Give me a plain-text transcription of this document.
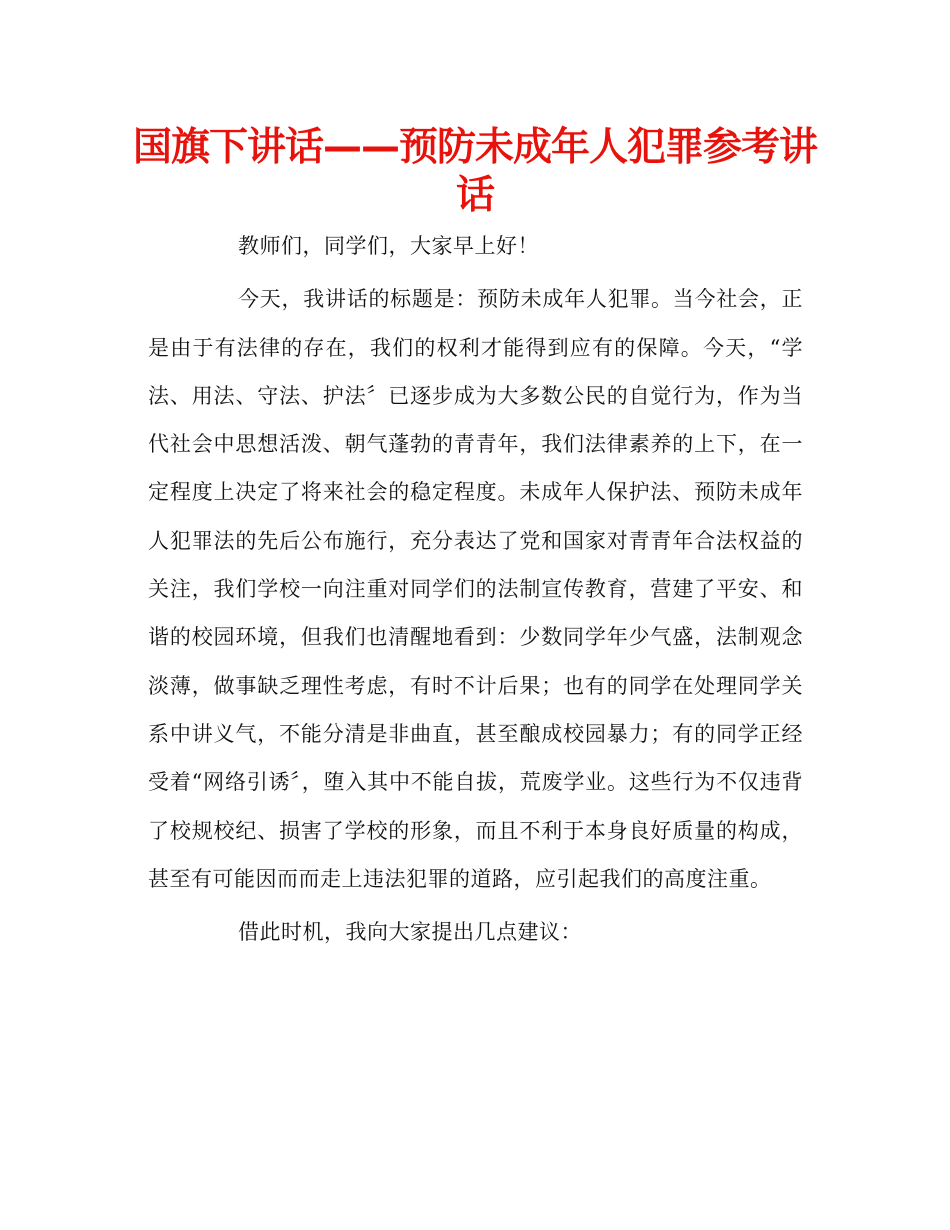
国旗下讲话——预防未成年人犯罪参考讲话

教师们，同学们，大家早上好！

今天，我讲话的标题是：预防未成年人犯罪。当今社会，正是由于有法律的存在，我们的权利才能得到应有的保障。今天，“学法、用法、守法、护法〞已逐步成为大多数公民的自觉行为，作为当代社会中思想活泼、朝气蓬勃的青青年，我们法律素养的上下，在一定程度上决定了将来社会的稳定程度。未成年人保护法、预防未成年人犯罪法的先后公布施行，充分表达了党和国家对青青年合法权益的关注，我们学校一向注重对同学们的法制宣传教育，营建了平安、和谐的校园环境，但我们也清醒地看到：少数同学年少气盛，法制观念淡薄，做事缺乏理性考虑，有时不计后果；也有的同学在处理同学关系中讲义气，不能分清是非曲直，甚至酿成校园暴力；有的同学正经受着“网络引诱〞，堕入其中不能自拔，荒废学业。这些行为不仅违背了校规校纪、损害了学校的形象，而且不利于本身良好质量的构成，甚至有可能因而而走上违法犯罪的道路，应引起我们的高度注重。

借此时机，我向大家提出几点建议：
